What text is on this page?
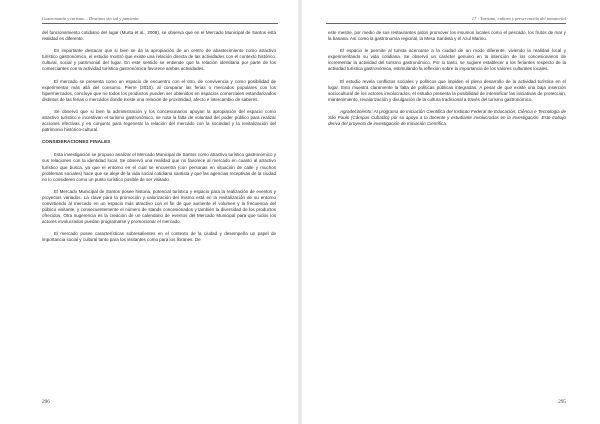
Gastronomía y turismo – Destinos sin sal y pimienta

del funcionamiento cotidiano del lugar (Murta et al., 2008), se observa que en el Mercado Municipal de Santos esta realidad es diferente.

Es importante destacar que si bien se da la apropiación de un centro de abastecimiento como atractivo turístico gastronómico, el estudio mostró que existe una relación directa de las actividades con el contexto histórico, cultural, social y patrimonial del lugar. En este sentido se entiende que la relación identitaria por parte de los comerciantes con la actividad turística gastronómica favorece ambas actividades.

El mercado se presenta como un espacio de encuentro con el otro, de convivencia y como posibilidad de experimentar más allá del consumo. Pierre (2010), al comparar las ferias o mercados populares con los hipermercados, concluye que no todos los productos pueden ser obtenidos en espacios comerciales estandarizados distintos de las ferias o mercados donde existe una relación de proximidad, afecto e intercambio de saberes.

Se observó que si bien la administración y los concesionarios apoyan la apropiación del espacio como atractivo turístico e incentivan el turismo gastronómico, se nota la falta de voluntad del poder público para realizar acciones efectivas y en conjunto para regenerar la relación del mercado con la sociedad y la revitalización del patrimonio histórico-cultural.

CONSIDERACIONES FINALES

Esta investigación se propuso analizar el Mercado Municipal de Santos como atractivo turístico gastronómico y sus relaciones con la identidad local. Se observó una realidad que no favorece al mercado en cuanto al atractivo turístico que busca, ya que el entorno en el cual se encuentra (con personas en situación de calle y muchos problemas sociales) hace que se aleje de la vida social cotidiana santista y que las agencias receptivas de la ciudad no lo consideren como un punto turístico posible de ser visitado.

El Mercado Municipal de Santos posee historia, potencial turístico y espacio para la realización de eventos y proyectos variados. La clave para la promoción y valorización del mismo está en la revitalización de su entorno convirtiendo al mercado en un espacio más atractivo con el fin de que aumente el volumen y la frecuencia del público visitante, y consecuentemente el número de stands concesionados y también la diversidad de los productos ofrecidos. Otra sugerencia es la creación de un calendario de eventos del Mercado Municipal para que todos los actores involucrados puedan programarse y promocionar el mercado.

El mercado posee características sobresalientes en el contexto de la ciudad y desempeña un papel de importancia social y cultural tanto para los visitantes como para los lloranes. De

296
17 - Turismo, cultura y preservación del inmaterial

este mestre, por medio de sus restaurantes pidos promover los insumos locales como el pescado, los frutos de mar y la banana. Así como la gastronomía regional, la Mesa Santista y el Azul Marino.

El espacio le permite al turista acercarse a la ciudad de un modo diferente, viviendo la realidad local y experimentando su vida cotidiana. Se observó un carácter genuino en la intención de los concesionarios de incrementar la actividad del turismo gastronómico. Por lo tanto, se sugiere establecer a los feriantes respecto de la actividad turística gastronómica, estimulando la reflexión sobre la importancia de los valores culturales locales.

El estudio revela conflictos sociales y políticos que impiden el pleno desarrollo de la actividad turística en el lugar. Esto muestra claramente la falta de políticas públicas integradas. A pesar de que existe una baja inserción sociocultural de los actores involucrados, el estudio presenta la posibilidad de intensificar las iniciativas de protección, mantenimiento, revalorización y divulgación de la cultura tradicional a través del turismo gastronómico.

Agradecimiento: Al programa de Iniciación Científica del Instituto Federal de Educación, Ciência e Tecnologia de São Paulo (Câmpus Cubatão) por su apoyo a la docente y estudiante involucradas en la investigación. Este trabajo deriva del proyecto de investigación de Iniciación Científica.

295
